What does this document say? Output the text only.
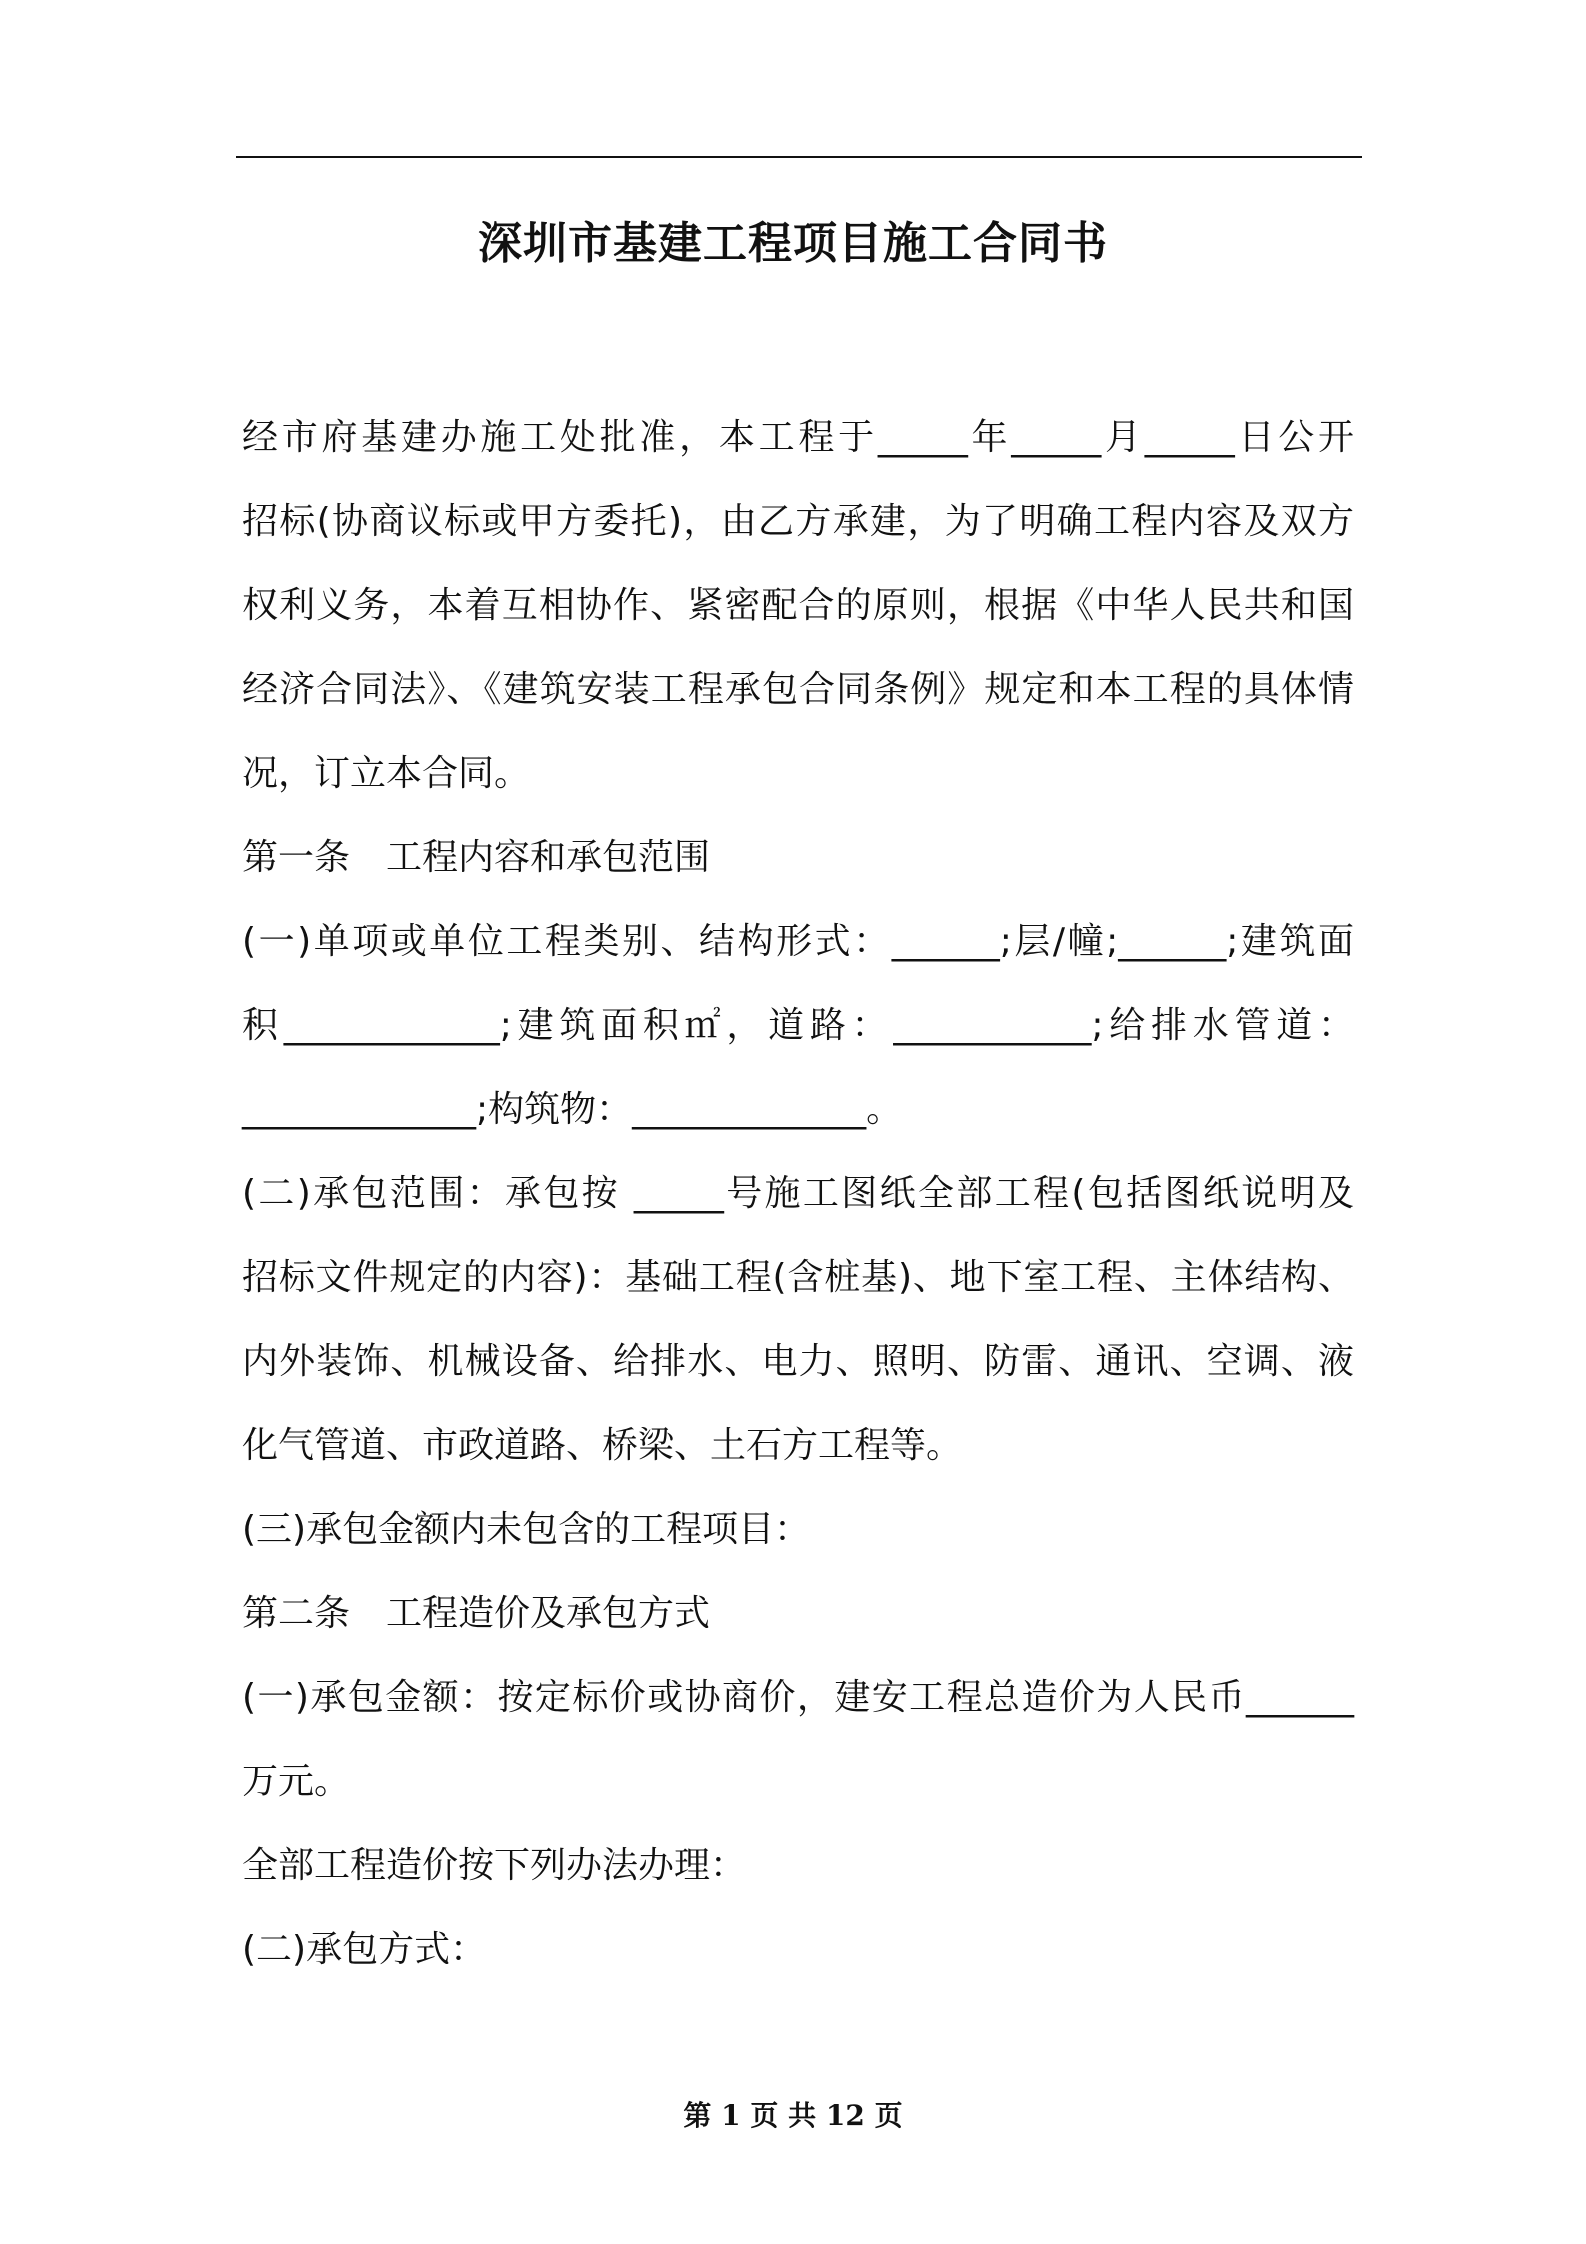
深圳市基建工程项目施工合同书
经市府基建办施工处批准，本工程于_____年_____月_____日公开
招标(协商议标或甲方委托)，由乙方承建，为了明确工程内容及双方
权利义务，本着互相协作、紧密配合的原则，根据《中华人民共和国
经济合同法》、《建筑安装工程承包合同条例》规定和本工程的具体情
况，订立本合同。
第一条　工程内容和承包范围
(一)单项或单位工程类别、结构形式：______;层/幢;______;建筑面
积____________;建筑面积㎡，道路：___________;给排水管道：
_____________;构筑物：_____________。
(二)承包范围：承包按 _____号施工图纸全部工程(包括图纸说明及
招标文件规定的内容)：基础工程(含桩基)、地下室工程、主体结构、
内外装饰、机械设备、给排水、电力、照明、防雷、通讯、空调、液
化气管道、市政道路、桥梁、土石方工程等。
(三)承包金额内未包含的工程项目：
第二条　工程造价及承包方式
(一)承包金额：按定标价或协商价，建安工程总造价为人民币______
万元。
全部工程造价按下列办法办理：
(二)承包方式：
第 1 页 共 12 页
